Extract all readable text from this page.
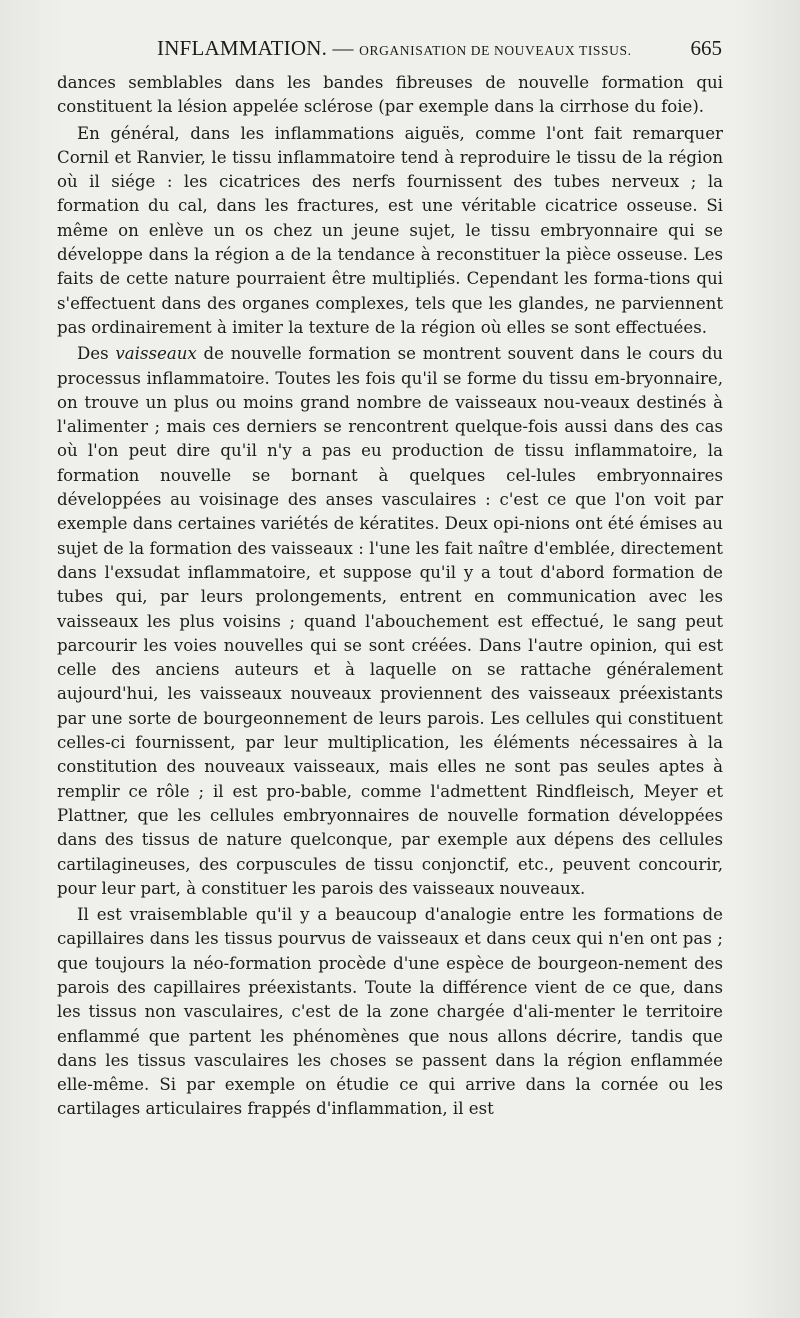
INFLAMMATION. — ORGANISATION DE NOUVEAUX TISSUS.	665

dances semblables dans les bandes fibreuses de nouvelle formation qui constituent la lésion appelée sclérose (par exemple dans la cirrhose du foie).

En général, dans les inflammations aiguës, comme l'ont fait remarquer Cornil et Ranvier, le tissu inflammatoire tend à reproduire le tissu de la région où il siége : les cicatrices des nerfs fournissent des tubes nerveux ; la formation du cal, dans les fractures, est une véritable cicatrice osseuse. Si même on enlève un os chez un jeune sujet, le tissu embryonnaire qui se développe dans la région a de la tendance à reconstituer la pièce osseuse. Les faits de cette nature pourraient être multipliés. Cependant les forma-tions qui s'effectuent dans des organes complexes, tels que les glandes, ne parviennent pas ordinairement à imiter la texture de la région où elles se sont effectuées.

Des vaisseaux de nouvelle formation se montrent souvent dans le cours du processus inflammatoire. Toutes les fois qu'il se forme du tissu em-bryonnaire, on trouve un plus ou moins grand nombre de vaisseaux nou-veaux destinés à l'alimenter ; mais ces derniers se rencontrent quelque-fois aussi dans des cas où l'on peut dire qu'il n'y a pas eu production de tissu inflammatoire, la formation nouvelle se bornant à quelques cel-lules embryonnaires développées au voisinage des anses vasculaires : c'est ce que l'on voit par exemple dans certaines variétés de kératites. Deux opi-nions ont été émises au sujet de la formation des vaisseaux : l'une les fait naître d'emblée, directement dans l'exsudat inflammatoire, et suppose qu'il y a tout d'abord formation de tubes qui, par leurs prolongements, entrent en communication avec les vaisseaux les plus voisins ; quand l'abouchement est effectué, le sang peut parcourir les voies nouvelles qui se sont créées. Dans l'autre opinion, qui est celle des anciens auteurs et à laquelle on se rattache généralement aujourd'hui, les vaisseaux nouveaux proviennent des vaisseaux préexistants par une sorte de bourgeonnement de leurs parois. Les cellules qui constituent celles-ci fournissent, par leur multiplication, les éléments nécessaires à la constitution des nouveaux vaisseaux, mais elles ne sont pas seules aptes à remplir ce rôle ; il est pro-bable, comme l'admettent Rindfleisch, Meyer et Plattner, que les cellules embryonnaires de nouvelle formation développées dans des tissus de nature quelconque, par exemple aux dépens des cellules cartilagineuses, des corpuscules de tissu conjonctif, etc., peuvent concourir, pour leur part, à constituer les parois des vaisseaux nouveaux.

Il est vraisemblable qu'il y a beaucoup d'analogie entre les formations de capillaires dans les tissus pourvus de vaisseaux et dans ceux qui n'en ont pas ; que toujours la néo-formation procède d'une espèce de bourgeon-nement des parois des capillaires préexistants. Toute la différence vient de ce que, dans les tissus non vasculaires, c'est de la zone chargée d'ali-menter le territoire enflammé que partent les phénomènes que nous allons décrire, tandis que dans les tissus vasculaires les choses se passent dans la région enflammée elle-même. Si par exemple on étudie ce qui arrive dans la cornée ou les cartilages articulaires frappés d'inflammation, il est
